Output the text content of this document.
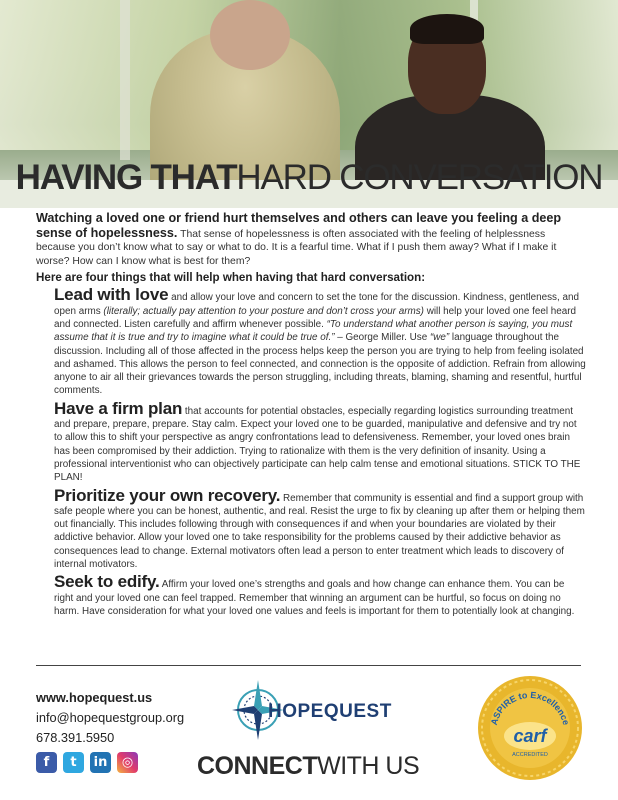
HAVING THATHARD CONVERSATION

Watching a loved one or friend hurt themselves and others can leave you feeling a deep sense of hopelessness. That sense of hopelessness is often associated with the feeling of helplessness because you don’t know what to say or what to do. It is a fearful time. What if I push them away? What if I make it worse? How can I know what is best for them?

Here are four things that will help when having that hard conversation:

Lead with love and allow your love and concern to set the tone for the discussion. Kindness, gentleness, and open arms (literally; actually pay attention to your posture and don’t cross your arms) will help your loved one feel heard and connected. Listen carefully and affirm whenever possible. “To understand what another person is saying, you must assume that it is true and try to imagine what it could be true of.” – George Miller. Use “we” language throughout the discussion. Including all of those affected in the process helps keep the person you are trying to help from feeling isolated and ashamed. This allows the person to feel connected, and connection is the opposite of addiction. Refrain from allowing anyone to air all their grievances towards the person struggling, including threats, blaming, shaming and resentful, hurtful comments.

Have a firm plan that accounts for potential obstacles, especially regarding logistics surrounding treatment and prepare, prepare, prepare. Stay calm. Expect your loved one to be guarded, manipulative and defensive and try not to allow this to shift your perspective as angry confrontations lead to defensiveness. Remember, your loved ones brain has been compromised by their addiction. Trying to rationalize with them is the very definition of insanity. Using a professional interventionist who can objectively participate can help calm tense and emotional situations. STICK TO THE PLAN!

Prioritize your own recovery. Remember that community is essential and find a support group with safe people where you can be honest, authentic, and real. Resist the urge to fix by cleaning up after them or helping them out financially. This includes following through with consequences if and when your boundaries are violated by their addictive behavior. Allow your loved one to take responsibility for the problems caused by their addictive behavior as consequences lead to change. External motivators often lead a person to enter treatment which leads to discovery of internal motivators.

Seek to edify. Affirm your loved one’s strengths and goals and how change can enhance them. You can be right and your loved one can feel trapped. Remember that winning an argument can be hurtful, so focus on doing no harm. Have consideration for what your loved one values and feels is important for them to potentially look at changing.

www.hopequest.us
info@hopequestgroup.org
678.391.5950
f	t	in	◎
HOPEQUEST
CONNECTWITH US
ASPIRE to Excellence
carf
ACCREDITED
